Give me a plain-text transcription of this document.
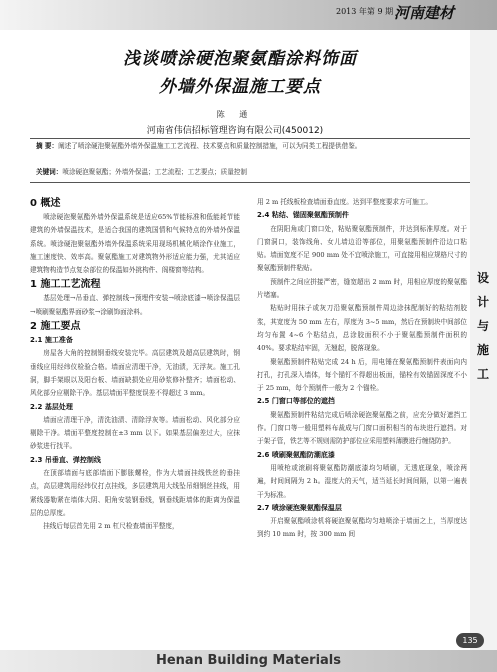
2013 年第 9 期 河南建材
设
计
与
施
工
浅谈喷涂硬泡聚氨酯涂料饰面
外墙外保温施工要点
陈 通
河南省伟信招标管理咨询有限公司(450012)
摘 要：阐述了喷涂硬泡聚氨酯外墙外保温施工工艺流程、技术要点和质量控制措施，可以为同类工程提供借鉴。
关键词：喷涂硬泡聚氨酯；外墙外保温；工艺流程；工艺要点；质量控制
0 概述

喷涂硬泡聚氨酯外墙外保温系统是适应65%节能标准和低能耗节能建筑的外墙保温技术，是适合我国的建筑国情和气候特点的外墙外保温系统。喷涂硬泡聚氨酯外墙外保温系统采用现场机械化喷涂作业施工，施工速度快、效率高。聚氨酯施工对建筑物外形适应能力强，尤其适应建筑物构造节点复杂部位的保温如外挑构件、阁楼窗等结构。

1 施工工艺流程

基层处理→吊垂直、弹控制线→预埋件安装→喷涂底漆→喷涂保温层→喷刷聚氨酯界面砂浆→涂刷饰面涂料。

2 施工要点
2.1 施工准备

房屋各大角的控制钢垂线安装完毕。高层建筑及超高层建筑时，钢垂线应用经纬仪检验合格。墙面应清理干净，无油渍，无浮灰。施工孔洞，脚手架眼以及阳台板、墙面缺损处应用砂浆修补整齐；墙面松动、风化部分应剔除干净。基层墙面平整度误差不得超过 3 mm。

2.2 基层处理

墙面应清理干净，清洗油渍、清除浮灰等。墙面松动、风化部分应剔除干净。墙面平整度控制在±3 mm 以下。如果基层偏差过大，应抹砂浆进行找平。

2.3 吊垂直、弹控制线

在顶部墙面与底部墙面下膨胀螺栓，作为大墙面挂线铁丝的垂挂点，高层建筑用经纬仪打点挂线，多层建筑用大线坠吊细钢丝挂线，用紧线器勒紧在墙体大阴、阳角安装钢垂线，钢垂线距墙体的距离为保温层的总厚度。

挂线后每层首先用 2 m 杠尺检查墙面平整度，

用 2 m 托线板检查墙面垂直度。达到平整度要求方可施工。

2.4 粘结、锚固聚氨酯预制件

在阴阳角或门窗口处，粘贴聚氨酯预制件，并达到标准厚度。对于门窗洞口，装饰线角、女儿墙边沿等部位，用聚氨酯预制件沿边口粘贴。墙面宽度不足 900 mm 处不宜喷涂施工，可直接用相应规格尺寸的聚氨酯预制件粘贴。

预制件之间应拼接严密，缝宽超出 2 mm 时，用相应厚度的聚氨酯片堵塞。

粘贴时用抹子或灰刀沿聚氨酯预制件周边涂抹配制好的粘结剂胶浆，其宽度为 50 mm 左右，厚度为 3~5 mm，然后在预制块中间部位均匀布置 4~6 个粘结点，总涂胶面积不小于聚氨酯预制件面积的 40%。要求粘结牢固，无翘起，脱落现象。

聚氨酯预制件粘贴完成 24 h 后，用电锤在聚氨酯预制件表面向内打孔，打孔深入墙体，每个锚钉不得超出板面，锚栓有效锚固深度不小于 25 mm，每个预制件一般为 2 个锚栓。

2.5 门窗口等部位的遮挡

聚氨酯预制件粘结完成后喷涂硬泡聚氨酯之前，应充分做好遮挡工作。门窗口等一般用塑料布裁成与门窗口面积相当的布块进行遮挡。对于架子管，铁艺等不规则需防护部位应采用塑料薄膜进行缠绕防护。

2.6 喷刷聚氨酯防潮底漆

用喷枪或滚刷将聚氨酯防潮底漆均匀喷刷，无透底现象，喷涂两遍，时间间隔为 2 h。湿度大的天气，适当延长时间间隔，以第一遍表干为标准。

2.7 喷涂硬泡聚氨酯保温层

开启聚氨酯喷涂机将硬泡聚氨酯均匀地喷涂于墙面之上，当厚度达到约 10 mm 时，按 300 mm 间

135
Henan Building Materials
